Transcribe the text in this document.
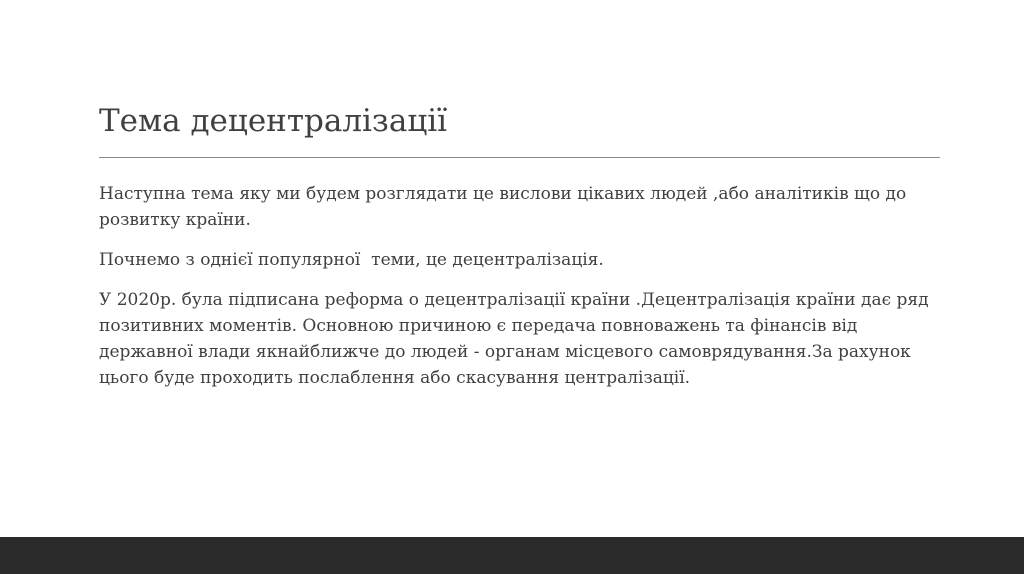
Тема децентралізації

Наступна тема яку ми будем розглядати це вислови цікавих людей ,або аналітиків що до розвитку країни.

Почнемо з однієї популярної  теми, це децентралізація.

У 2020р. була підписана реформа о децентралізації країни .Децентралізація країни дає ряд позитивних моментів. Основною причиною є передача повноважень та фінансів від державної влади якнайближче до людей - органам місцевого самоврядування.За рахунок цього буде проходить послаблення або скасування централізації.
